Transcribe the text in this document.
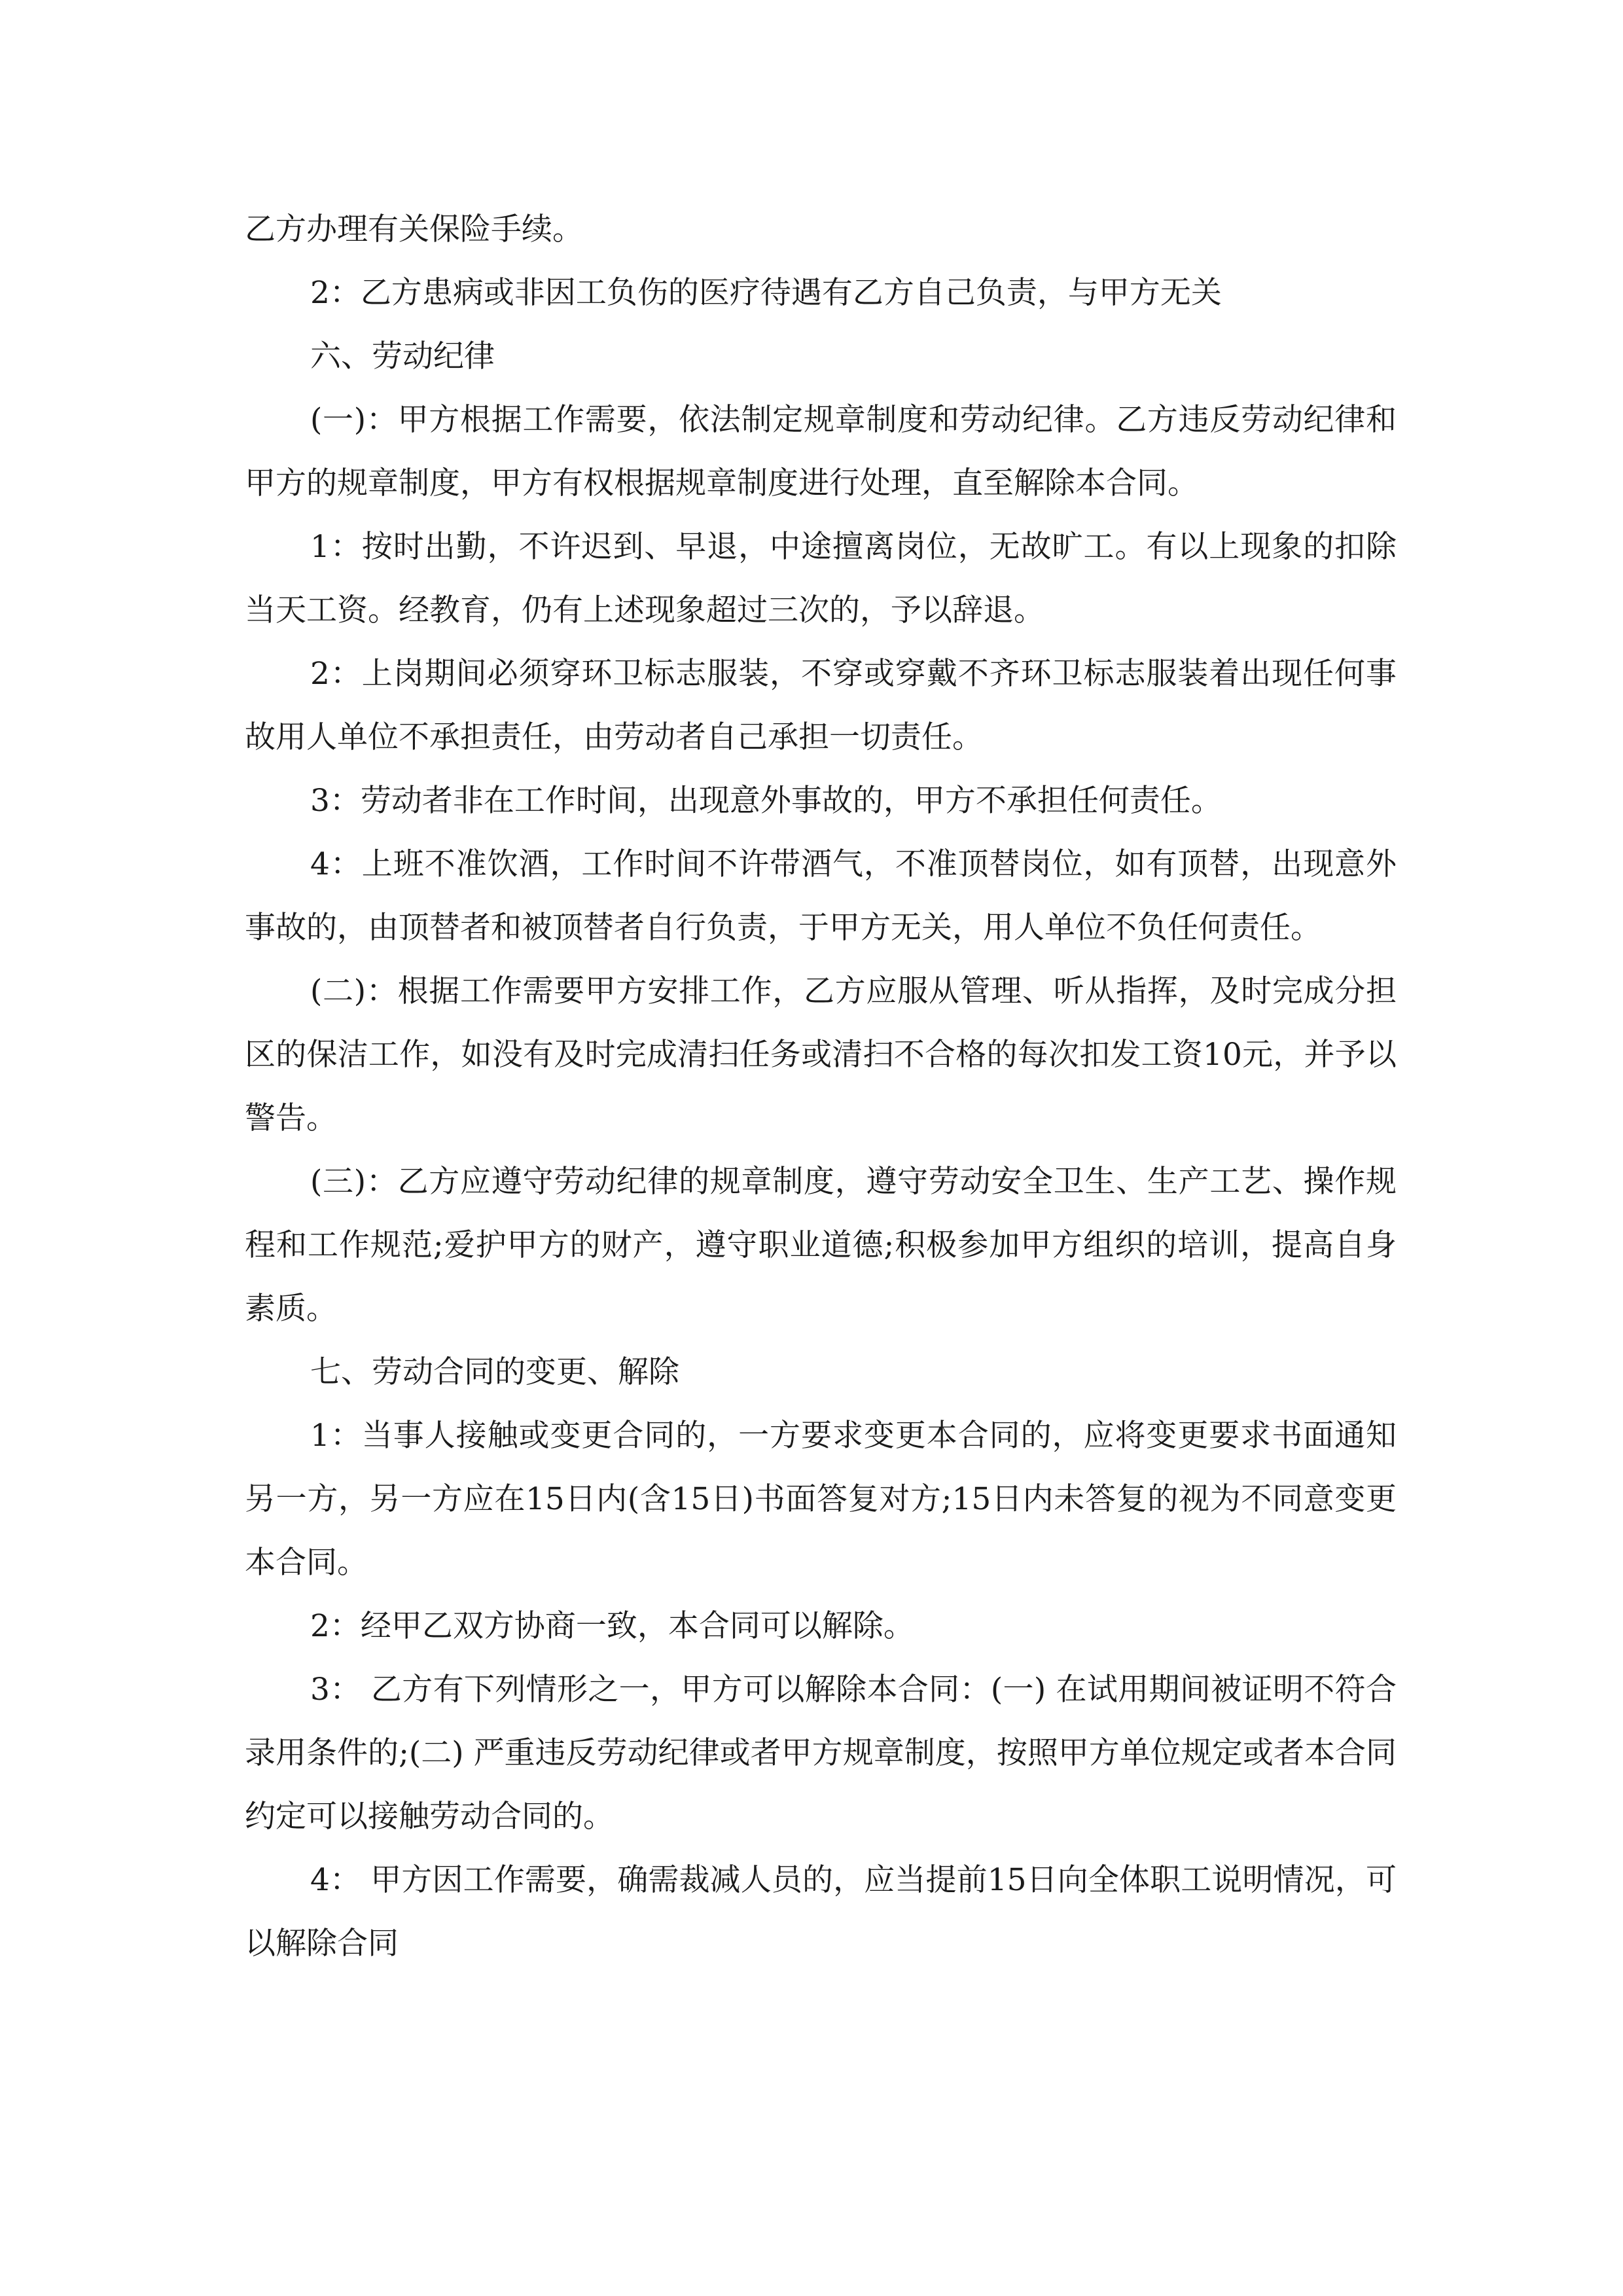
乙方办理有关保险手续。

2：乙方患病或非因工负伤的医疗待遇有乙方自己负责，与甲方无关

六、劳动纪律

(一)：甲方根据工作需要，依法制定规章制度和劳动纪律。乙方违反劳动纪律和甲方的规章制度，甲方有权根据规章制度进行处理，直至解除本合同。

1：按时出勤，不许迟到、早退，中途擅离岗位，无故旷工。有以上现象的扣除当天工资。经教育，仍有上述现象超过三次的，予以辞退。

2：上岗期间必须穿环卫标志服装，不穿或穿戴不齐环卫标志服装着出现任何事故用人单位不承担责任，由劳动者自己承担一切责任。

3：劳动者非在工作时间，出现意外事故的，甲方不承担任何责任。

4：上班不准饮酒，工作时间不许带酒气，不准顶替岗位，如有顶替，出现意外事故的，由顶替者和被顶替者自行负责，于甲方无关，用人单位不负任何责任。

(二)：根据工作需要甲方安排工作，乙方应服从管理、听从指挥，及时完成分担区的保洁工作，如没有及时完成清扫任务或清扫不合格的每次扣发工资10元，并予以警告。

(三)：乙方应遵守劳动纪律的规章制度，遵守劳动安全卫生、生产工艺、操作规程和工作规范;爱护甲方的财产，遵守职业道德;积极参加甲方组织的培训，提高自身素质。

七、劳动合同的变更、解除

1：当事人接触或变更合同的，一方要求变更本合同的，应将变更要求书面通知另一方，另一方应在15日内(含15日)书面答复对方;15日内未答复的视为不同意变更本合同。

2：经甲乙双方协商一致，本合同可以解除。

3： 乙方有下列情形之一，甲方可以解除本合同：(一) 在试用期间被证明不符合录用条件的;(二) 严重违反劳动纪律或者甲方规章制度，按照甲方单位规定或者本合同约定可以接触劳动合同的。

4： 甲方因工作需要，确需裁减人员的，应当提前15日向全体职工说明情况，可以解除合同
